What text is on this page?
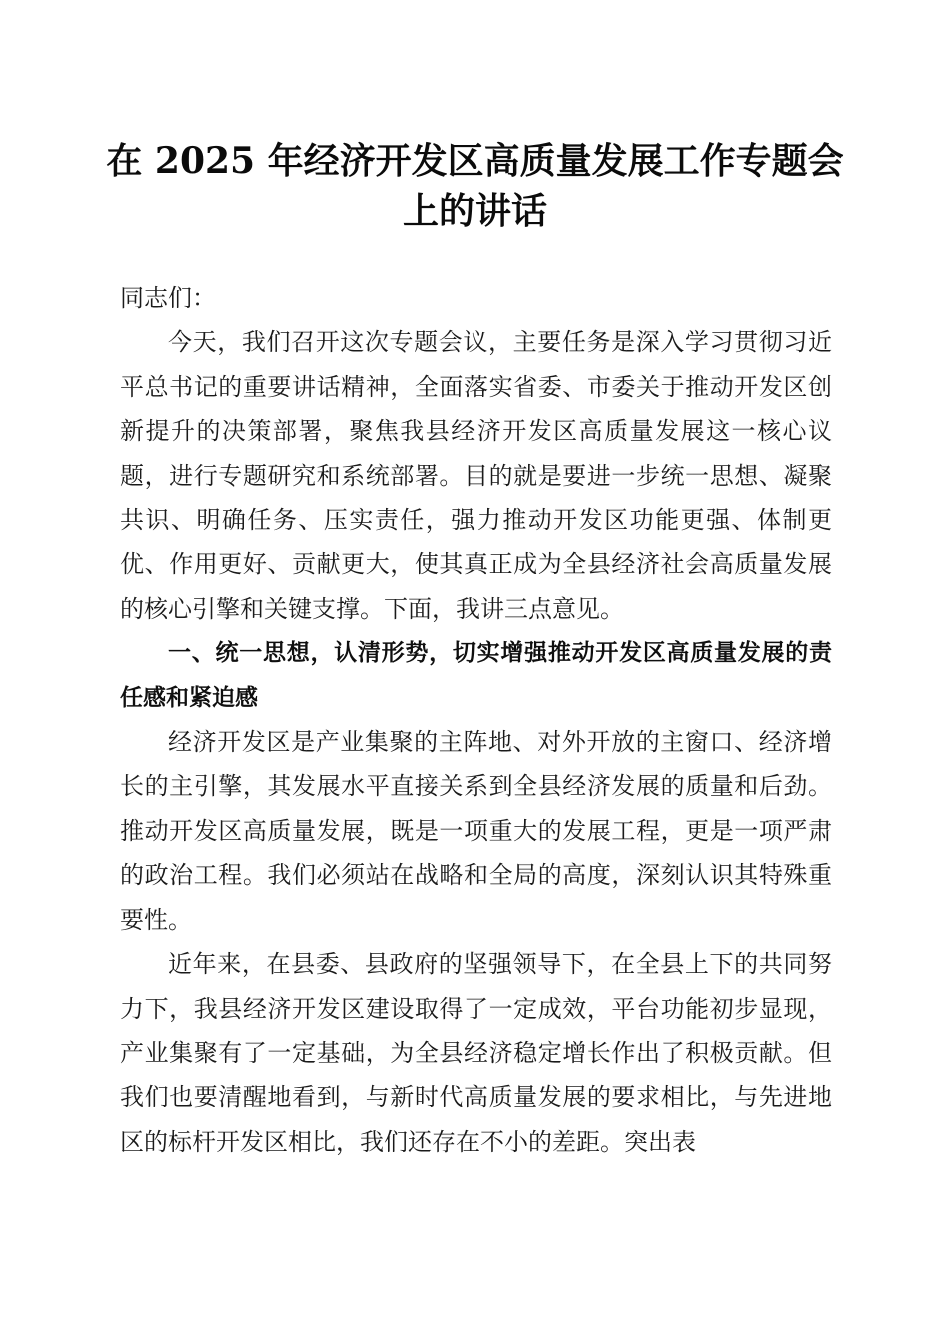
在 2025 年经济开发区高质量发展工作专题会
上的讲话

同志们：

今天，我们召开这次专题会议，主要任务是深入学习贯彻习近平总书记的重要讲话精神，全面落实省委、市委关于推动开发区创新提升的决策部署，聚焦我县经济开发区高质量发展这一核心议题，进行专题研究和系统部署。目的就是要进一步统一思想、凝聚共识、明确任务、压实责任，强力推动开发区功能更强、体制更优、作用更好、贡献更大，使其真正成为全县经济社会高质量发展的核心引擎和关键支撑。下面，我讲三点意见。

一、统一思想，认清形势，切实增强推动开发区高质量发展的责任感和紧迫感

经济开发区是产业集聚的主阵地、对外开放的主窗口、经济增长的主引擎，其发展水平直接关系到全县经济发展的质量和后劲。推动开发区高质量发展，既是一项重大的发展工程，更是一项严肃的政治工程。我们必须站在战略和全局的高度，深刻认识其特殊重要性。

近年来，在县委、县政府的坚强领导下，在全县上下的共同努力下，我县经济开发区建设取得了一定成效，平台功能初步显现，产业集聚有了一定基础，为全县经济稳定增长作出了积极贡献。但我们也要清醒地看到，与新时代高质量发展的要求相比，与先进地区的标杆开发区相比，我们还存在不小的差距。突出表
